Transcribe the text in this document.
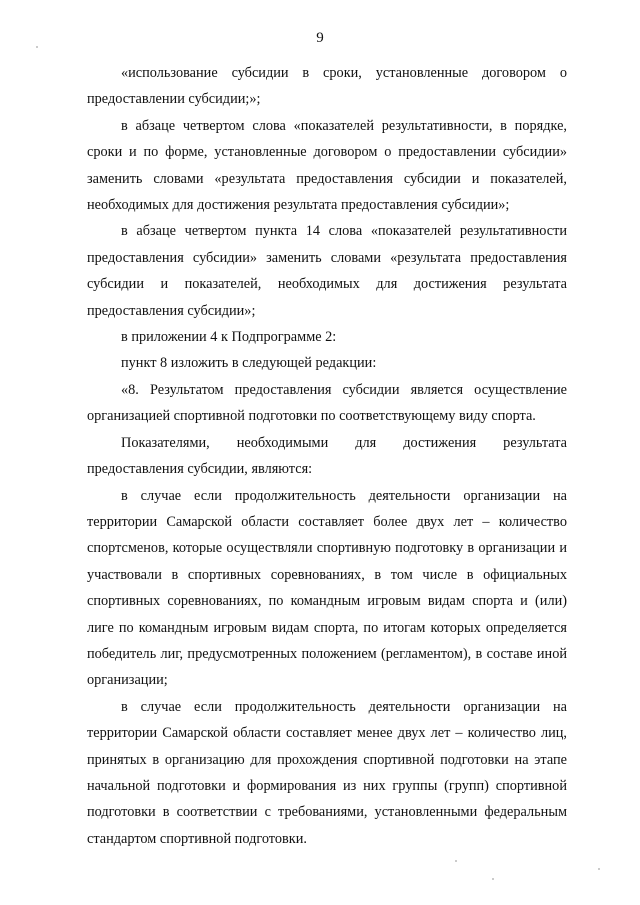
9

«использование субсидии в сроки, установленные договором о предоставлении субсидии;»;

в абзаце четвертом слова «показателей результативности, в порядке, сроки и по форме, установленные договором о предоставлении субсидии» заменить словами «результата предоставления субсидии и показателей, необходимых для достижения результата предоставления субсидии»;

в абзаце четвертом пункта 14 слова «показателей результативности предоставления субсидии» заменить словами «результата предоставления субсидии и показателей, необходимых для достижения результата предоставления субсидии»;

в приложении 4 к Подпрограмме 2:

пункт 8 изложить в следующей редакции:

«8. Результатом предоставления субсидии является осуществление организацией спортивной подготовки по соответствующему виду спорта.

Показателями, необходимыми для достижения результата предоставления субсидии, являются:

в случае если продолжительность деятельности организации на территории Самарской области составляет более двух лет – количество спортсменов, которые осуществляли спортивную подготовку в организации и участвовали в спортивных соревнованиях, в том числе в официальных спортивных соревнованиях, по командным игровым видам спорта и (или) лиге по командным игровым видам спорта, по итогам которых определяется победитель лиг, предусмотренных положением (регламентом), в составе иной организации;

в случае если продолжительность деятельности организации на территории Самарской области составляет менее двух лет – количество лиц, принятых в организацию для прохождения спортивной подготовки на этапе начальной подготовки и формирования из них группы (групп) спортивной подготовки в соответствии с требованиями, установленными федеральным стандартом спортивной подготовки.
